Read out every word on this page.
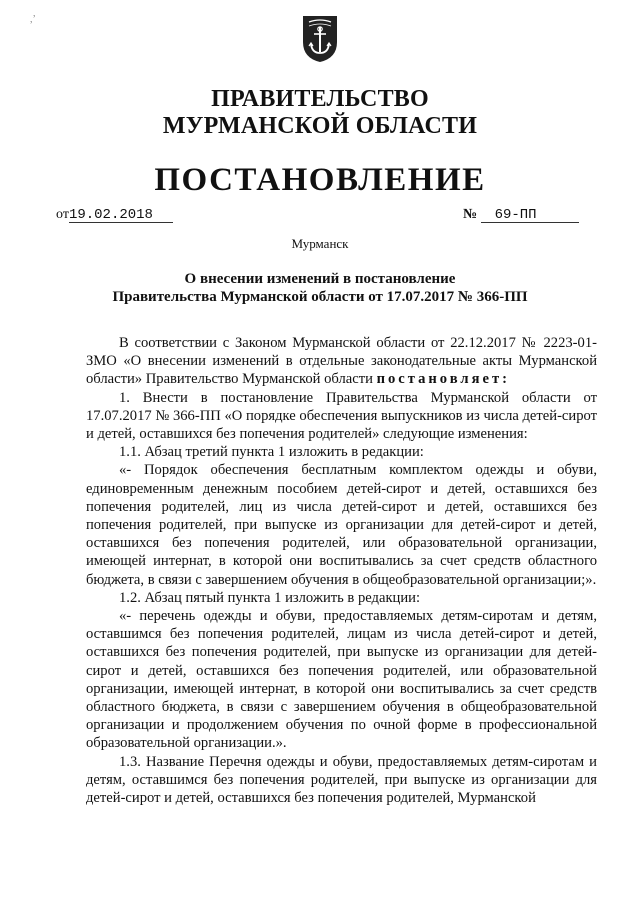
,’
ПРАВИТЕЛЬСТВО
МУРМАНСКОЙ ОБЛАСТИ
ПОСТАНОВЛЕНИЕ
от19.02.2018	№ 69-ПП
Мурманск
О внесении изменений в постановление
Правительства Мурманской области от 17.07.2017 № 366-ПП

В соответствии с Законом Мурманской области от 22.12.2017 № 2223-01-ЗМО «О внесении изменений в отдельные законодательные акты Мурманской области» Правительство Мурманской области постановляет:

1. Внести в постановление Правительства Мурманской области от 17.07.2017 № 366-ПП «О порядке обеспечения выпускников из числа детей-сирот и детей, оставшихся без попечения родителей» следующие изменения:

1.1. Абзац третий пункта 1 изложить в редакции:

«- Порядок обеспечения бесплатным комплектом одежды и обуви, единовременным денежным пособием детей-сирот и детей, оставшихся без попечения родителей, лиц из числа детей-сирот и детей, оставшихся без попечения родителей, при выпуске из организации для детей-сирот и детей, оставшихся без попечения родителей, или образовательной организации, имеющей интернат, в которой они воспитывались за счет средств областного бюджета, в связи с завершением обучения в общеобразовательной организации;».

1.2. Абзац пятый пункта 1 изложить в редакции:

«- перечень одежды и обуви, предоставляемых детям-сиротам и детям, оставшимся без попечения родителей, лицам из числа детей-сирот и детей, оставшихся без попечения родителей, при выпуске из организации для детей-сирот и детей, оставшихся без попечения родителей, или образовательной организации, имеющей интернат, в которой они воспитывались за счет средств областного бюджета, в связи с завершением обучения в общеобразовательной организации и продолжением обучения по очной форме в профессиональной образовательной организации.».

1.3. Название Перечня одежды и обуви, предоставляемых детям-сиротам и детям, оставшимся без попечения родителей, при выпуске из организации для детей-сирот и детей, оставшихся без попечения родителей, Мурманской
